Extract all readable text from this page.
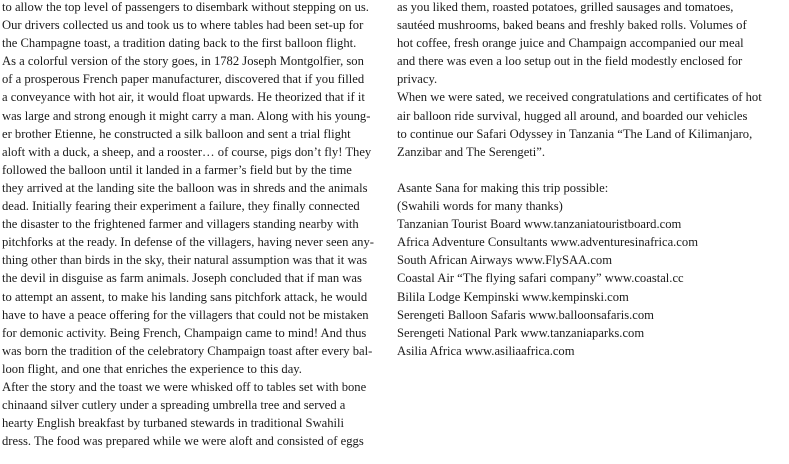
to allow the top level of passengers to disembark without stepping on us.
Our drivers collected us and took us to where tables had been set-up for
the Champagne toast, a tradition dating back to the first balloon flight.
As a colorful version of the story goes, in 1782 Joseph Montgolfier, son
of a prosperous French paper manufacturer, discovered that if you filled
a conveyance with hot air, it would float upwards. He theorized that if it
was large and strong enough it might carry a man. Along with his young-
er brother Etienne, he constructed a silk balloon and sent a trial flight
aloft with a duck, a sheep, and a rooster… of course, pigs don’t fly! They
followed the balloon until it landed in a farmer’s field but by the time
they arrived at the landing site the balloon was in shreds and the animals
dead. Initially fearing their experiment a failure, they finally connected
the disaster to the frightened farmer and villagers standing nearby with
pitchforks at the ready. In defense of the villagers, having never seen any-
thing other than birds in the sky, their natural assumption was that it was
the devil in disguise as farm animals. Joseph concluded that if man was
to attempt an assent, to make his landing sans pitchfork attack, he would
have to have a peace offering for the villagers that could not be mistaken
for demonic activity. Being French, Champaign came to mind! And thus
was born the tradition of the celebratory Champaign toast after every bal-
loon flight, and one that enriches the experience to this day.
After the story and the toast we were whisked off to tables set with bone
chinaand silver cutlery under a spreading umbrella tree and served a
hearty English breakfast by turbaned stewards in traditional Swahili
dress. The food was prepared while we were aloft and consisted of eggs
as you liked them, roasted potatoes, grilled sausages and tomatoes,
sautéed mushrooms, baked beans and freshly baked rolls. Volumes of
hot coffee, fresh orange juice and Champaign accompanied our meal
and there was even a loo setup out in the field modestly enclosed for
privacy.
When we were sated, we received congratulations and certificates of hot
air balloon ride survival, hugged all around, and boarded our vehicles
to continue our Safari Odyssey in Tanzania “The Land of Kilimanjaro,
Zanzibar and The Serengeti”.
Asante Sana for making this trip possible:
(Swahili words for many thanks)
Tanzanian Tourist Board www.tanzaniatouristboard.com
Africa Adventure Consultants www.adventuresinafrica.com
South African Airways www.FlySAA.com
Coastal Air “The flying safari company” www.coastal.cc
Bilila Lodge Kempinski www.kempinski.com
Serengeti Balloon Safaris www.balloonsafaris.com
Serengeti National Park www.tanzaniaparks.com
Asilia Africa www.asiliaafrica.com
